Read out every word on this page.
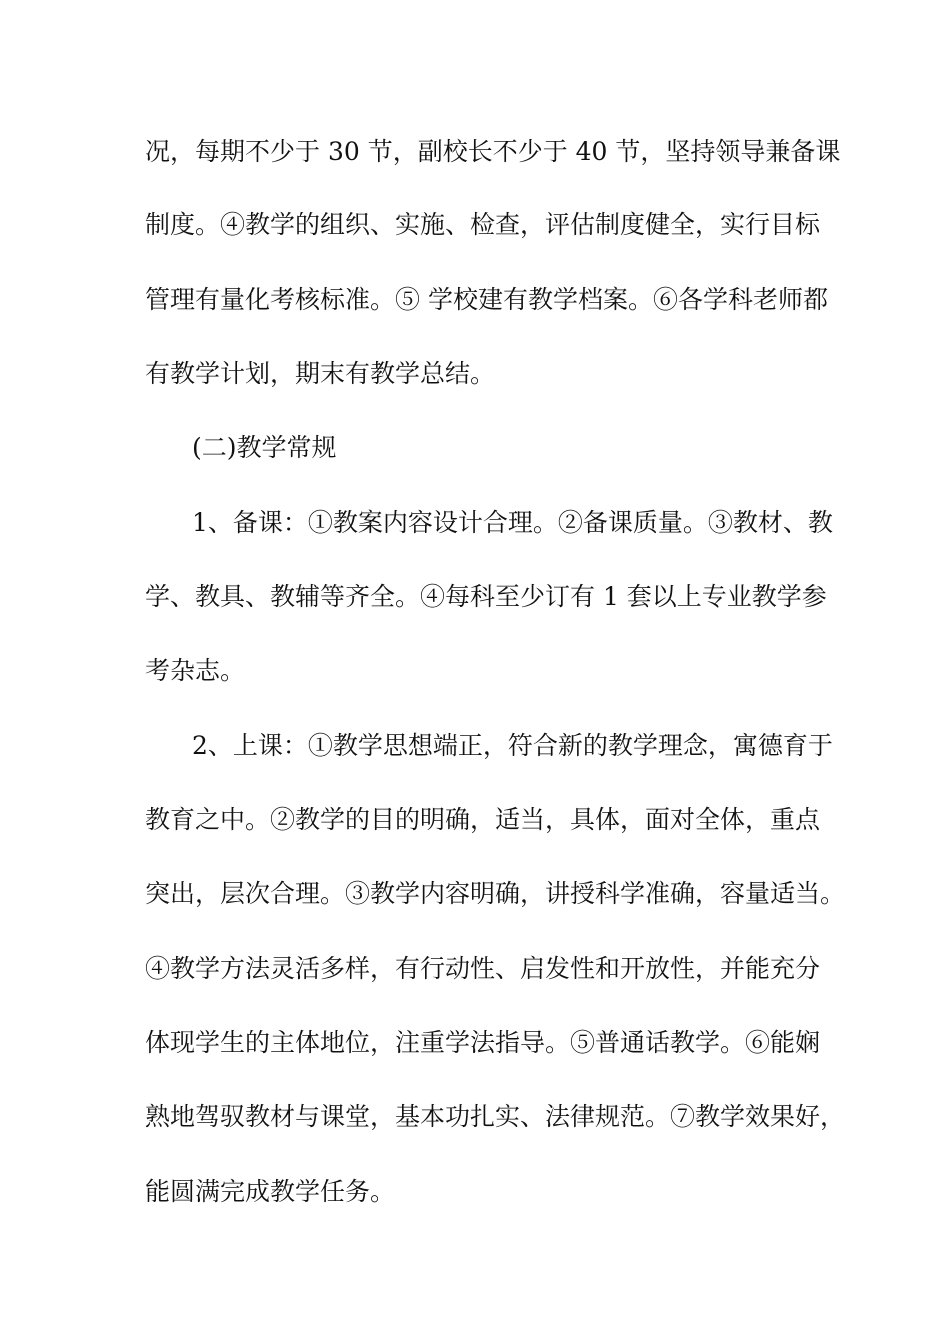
况，每期不少于 30 节，副校长不少于 40 节，坚持领导兼备课
制度。④教学的组织、实施、检查，评估制度健全，实行目标
管理有量化考核标准。⑤ 学校建有教学档案。⑥各学科老师都
有教学计划，期末有教学总结。
(二)教学常规
1、备课：①教案内容设计合理。②备课质量。③教材、教
学、教具、教辅等齐全。④每科至少订有 1 套以上专业教学参
考杂志。
2、上课：①教学思想端正，符合新的教学理念，寓德育于
教育之中。②教学的目的明确，适当，具体，面对全体，重点
突出，层次合理。③教学内容明确，讲授科学准确，容量适当。
④教学方法灵活多样，有行动性、启发性和开放性，并能充分
体现学生的主体地位，注重学法指导。⑤普通话教学。⑥能娴
熟地驾驭教材与课堂，基本功扎实、法律规范。⑦教学效果好，
能圆满完成教学任务。
